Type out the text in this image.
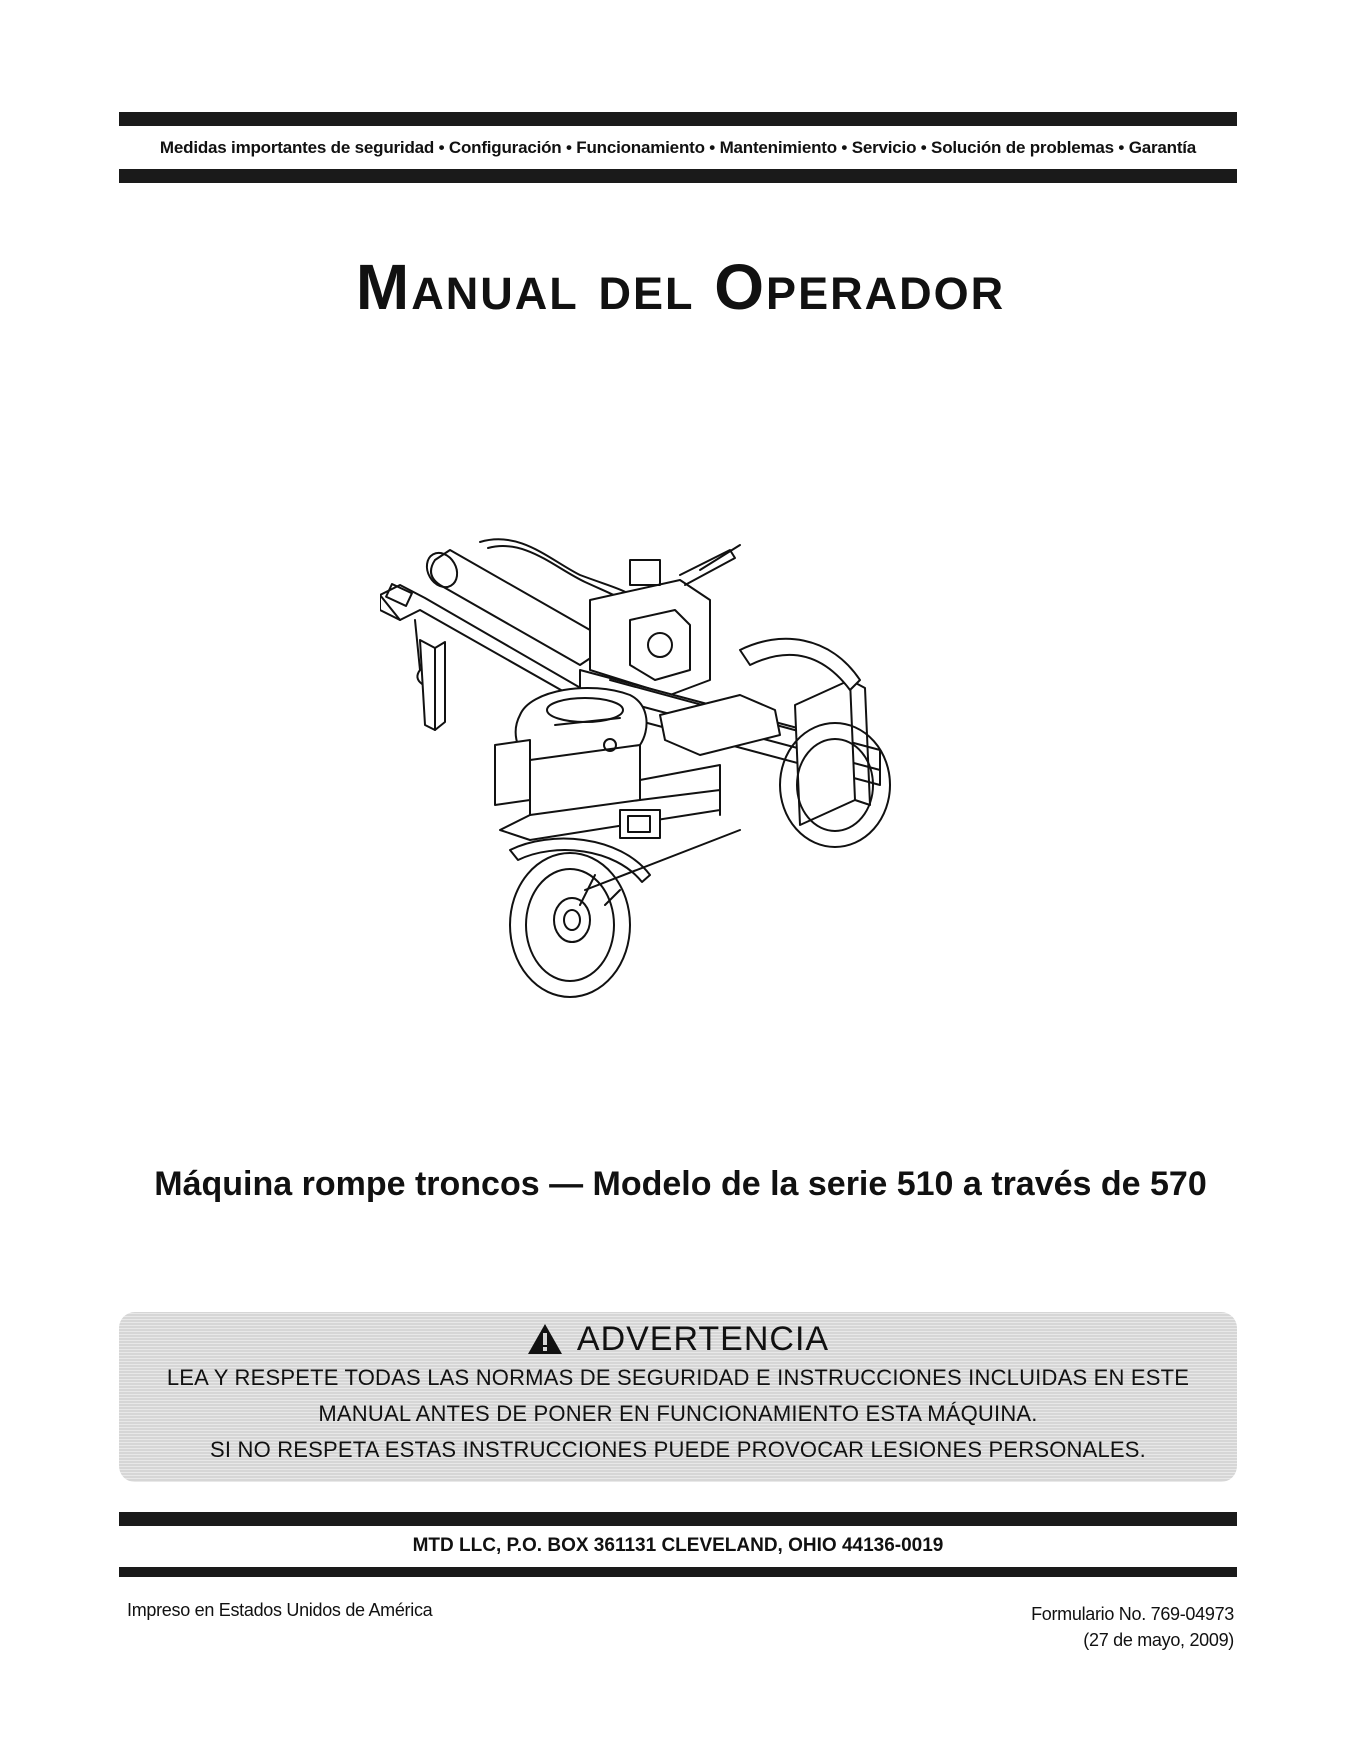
Medidas importantes de seguridad • Configuración • Funcionamiento • Mantenimiento • Servicio • Solución de problemas • Garantía
Manual del Operador
Máquina rompe troncos — Modelo de la serie 510 a través de 570
ADVERTENCIA
LEA Y RESPETE TODAS LAS NORMAS DE SEGURIDAD E INSTRUCCIONES INCLUIDAS EN ESTE
MANUAL ANTES DE PONER EN FUNCIONAMIENTO ESTA MÁQUINA.
SI NO RESPETA ESTAS INSTRUCCIONES PUEDE PROVOCAR LESIONES PERSONALES.
MTD LLC, P.O. BOX 361131 CLEVELAND, OHIO 44136-0019
Impreso en Estados Unidos de América	Formulario No. 769-04973
(27 de mayo, 2009)
